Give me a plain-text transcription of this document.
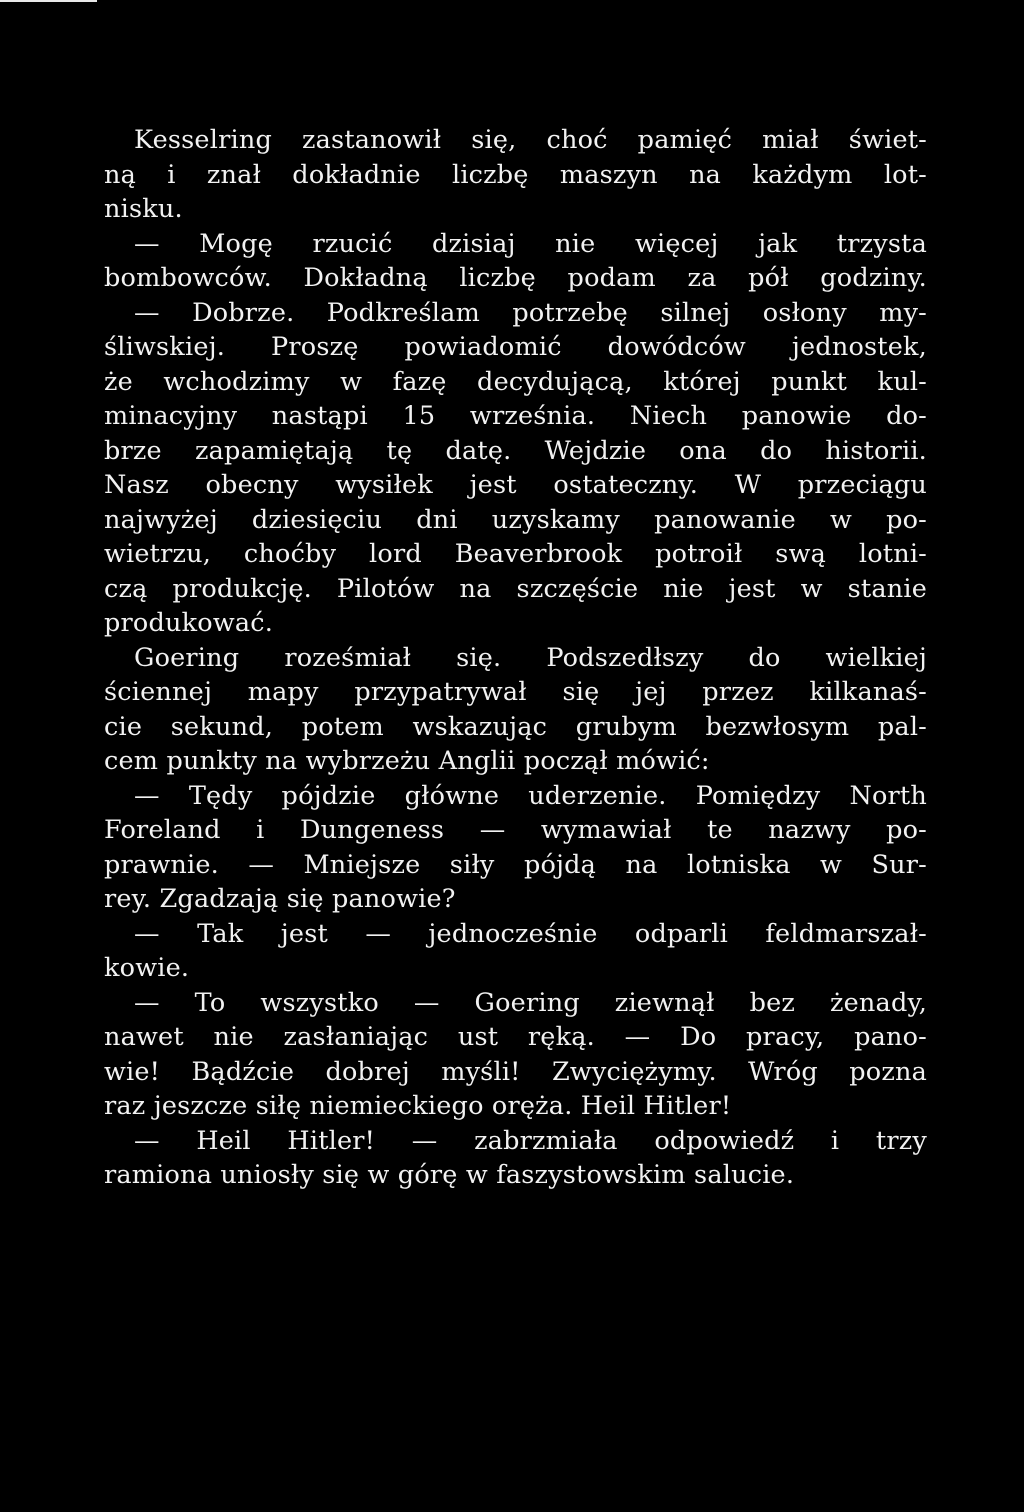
Kesselring zastanowił się, choć pamięć miał świet-
ną i znał dokładnie liczbę maszyn na każdym lot-
nisku.
— Mogę rzucić dzisiaj nie więcej jak trzysta
bombowców. Dokładną liczbę podam za pół godziny.
— Dobrze. Podkreślam potrzebę silnej osłony my-
śliwskiej. Proszę powiadomić dowódców jednostek,
że wchodzimy w fazę decydującą, której punkt kul-
minacyjny nastąpi 15 września. Niech panowie do-
brze zapamiętają tę datę. Wejdzie ona do historii.
Nasz obecny wysiłek jest ostateczny. W przeciągu
najwyżej dziesięciu dni uzyskamy panowanie w po-
wietrzu, choćby lord Beaverbrook potroił swą lotni-
czą produkcję. Pilotów na szczęście nie jest w stanie
produkować.
Goering roześmiał się. Podszedłszy do wielkiej
ściennej mapy przypatrywał się jej przez kilkanaś-
cie sekund, potem wskazując grubym bezwłosym pal-
cem punkty na wybrzeżu Anglii począł mówić:
— Tędy pójdzie główne uderzenie. Pomiędzy North
Foreland i Dungeness — wymawiał te nazwy po-
prawnie. — Mniejsze siły pójdą na lotniska w Sur-
rey. Zgadzają się panowie?
— Tak jest — jednocześnie odparli feldmarszał-
kowie.
— To wszystko — Goering ziewnął bez żenady,
nawet nie zasłaniając ust ręką. — Do pracy, pano-
wie! Bądźcie dobrej myśli! Zwyciężymy. Wróg pozna
raz jeszcze siłę niemieckiego oręża. Heil Hitler!
— Heil Hitler! — zabrzmiała odpowiedź i trzy
ramiona uniosły się w górę w faszystowskim salucie.
